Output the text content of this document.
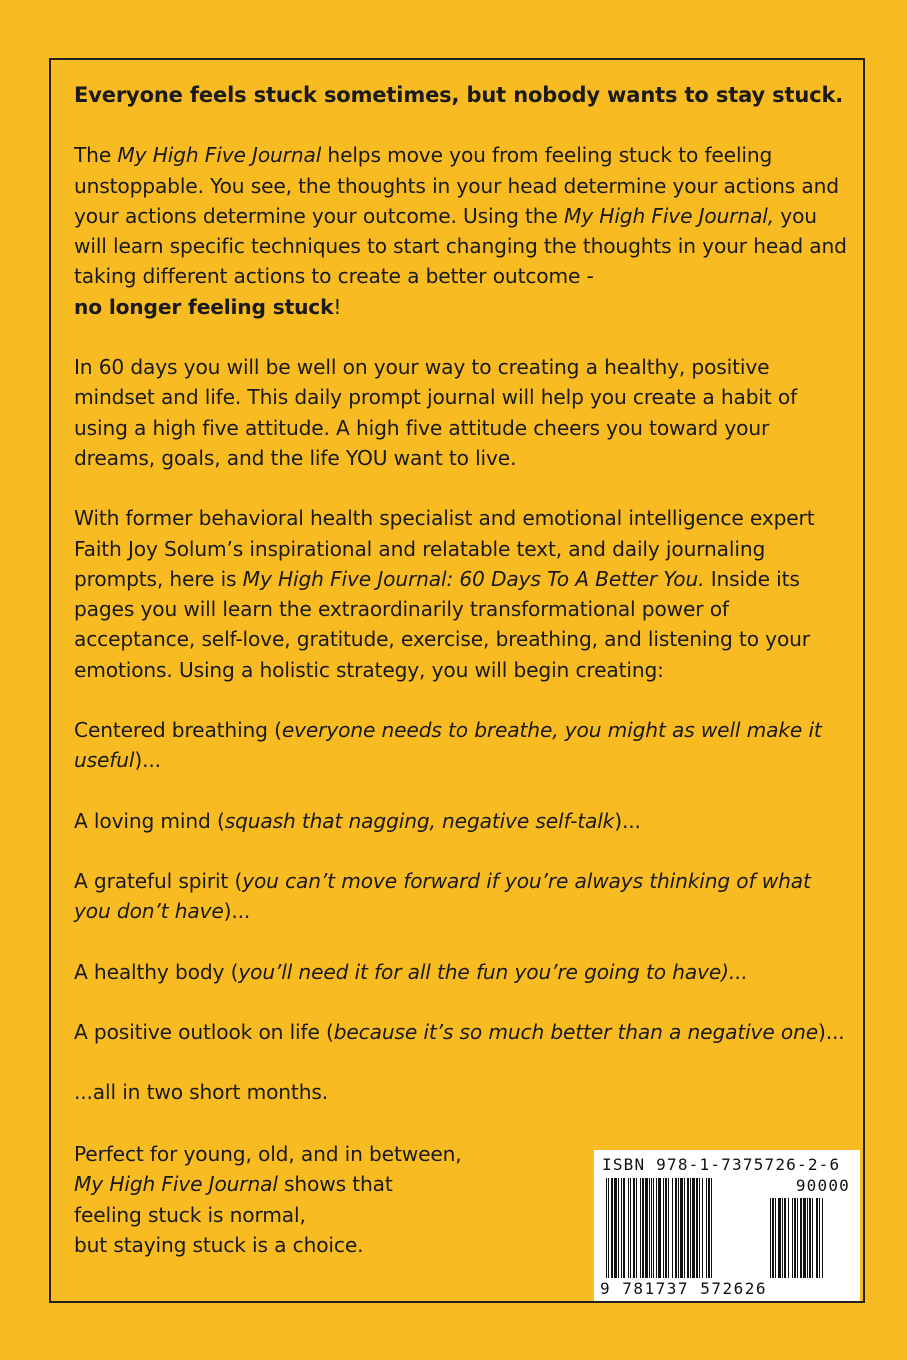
Everyone feels stuck sometimes, but nobody wants to stay stuck.

The My High Five Journal helps move you from feeling stuck to feeling unstoppable. You see, the thoughts in your head determine your actions and your actions determine your outcome. Using the My High Five Journal, you will learn specific techniques to start changing the thoughts in your head and taking different actions to create a better outcome -
no longer feeling stuck!

In 60 days you will be well on your way to creating a healthy, positive mindset and life. This daily prompt journal will help you create a habit of using a high five attitude. A high five attitude cheers you toward your dreams, goals, and the life YOU want to live.

With former behavioral health specialist and emotional intelligence expert Faith Joy Solum’s inspirational and relatable text, and daily journaling prompts, here is My High Five Journal: 60 Days To A Better You. Inside its pages you will learn the extraordinarily transformational power of acceptance, self-love, gratitude, exercise, breathing, and listening to your emotions. Using a holistic strategy, you will begin creating:

Centered breathing (everyone needs to breathe, you might as well make it useful)...

A loving mind (squash that nagging, negative self-talk)...

A grateful spirit (you can’t move forward if you’re always thinking of what you don’t have)...

A healthy body (you’ll need it for all the fun you’re going to have)...

A positive outlook on life (because it’s so much better than a negative one)...

...all in two short months.

Perfect for young, old, and in between,

My High Five Journal shows that

feeling stuck is normal,

but staying stuck is a choice.

ISBN 978-1-7375726-2-6
90000
9 781737 572626
